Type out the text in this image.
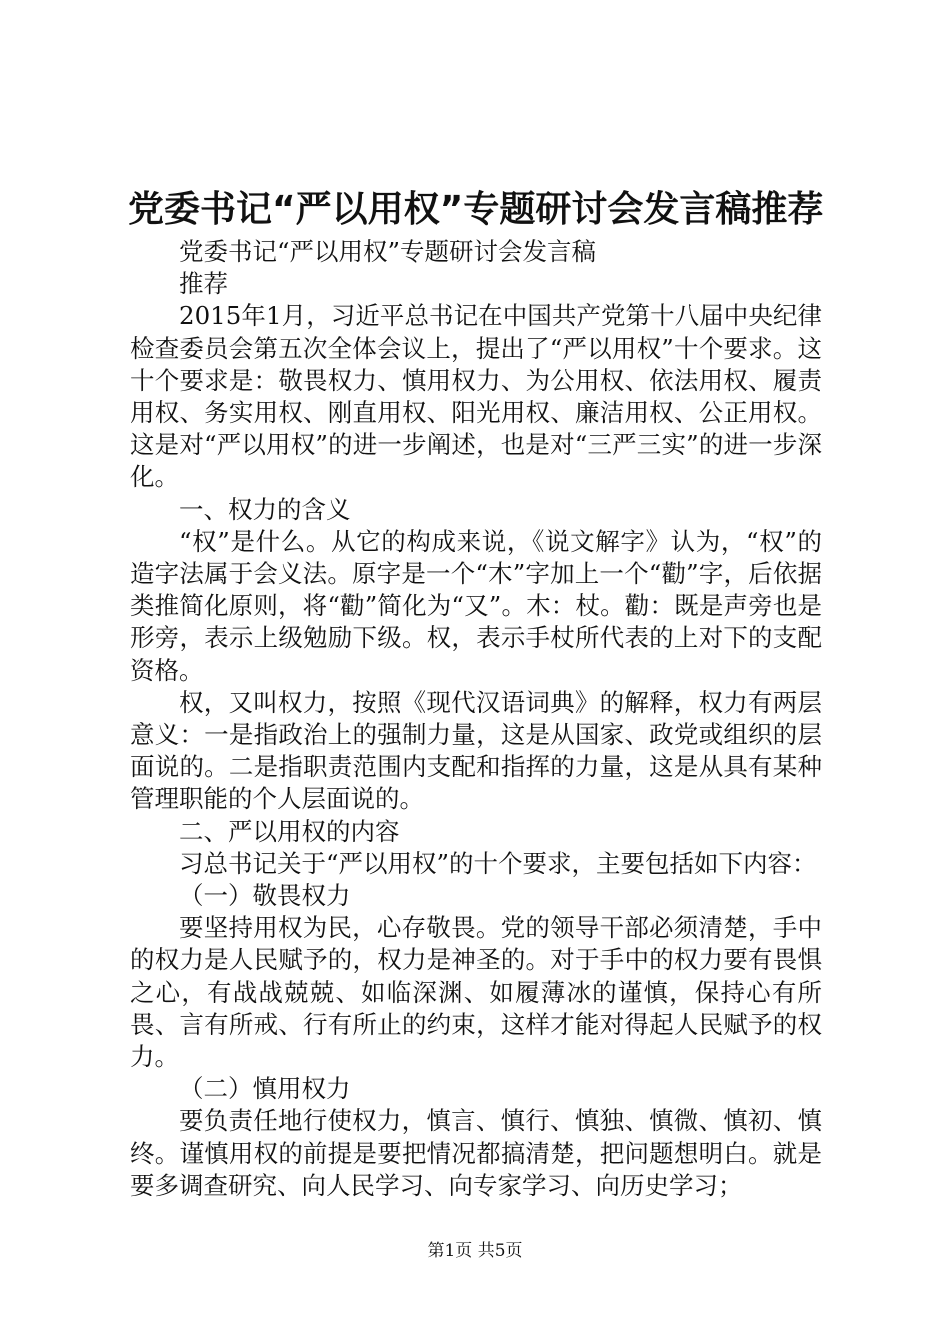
党委书记“严以用权”专题研讨会发言稿推荐

党委书记“严以用权”专题研讨会发言稿

推荐

2015年1月，习近平总书记在中国共产党第十八届中央纪律检查委员会第五次全体会议上，提出了“严以用权”十个要求。这十个要求是：敬畏权力、慎用权力、为公用权、依法用权、履责用权、务实用权、刚直用权、阳光用权、廉洁用权、公正用权。这是对“严以用权”的进一步阐述，也是对“三严三实”的进一步深化。

一、权力的含义

“权”是什么。从它的构成来说，《说文解字》认为，“权”的造字法属于会义法。原字是一个“木”字加上一个“勸”字，后依据类推简化原则，将“勸”简化为“又”。木：杖。勸：既是声旁也是形旁，表示上级勉励下级。权，表示手杖所代表的上对下的支配资格。

权，又叫权力，按照《现代汉语词典》的解释，权力有两层意义：一是指政治上的强制力量，这是从国家、政党或组织的层面说的。二是指职责范围内支配和指挥的力量，这是从具有某种管理职能的个人层面说的。

二、严以用权的内容

习总书记关于“严以用权”的十个要求，主要包括如下内容：

（一）敬畏权力

要坚持用权为民，心存敬畏。党的领导干部必须清楚，手中的权力是人民赋予的，权力是神圣的。对于手中的权力要有畏惧之心，有战战兢兢、如临深渊、如履薄冰的谨慎，保持心有所畏、言有所戒、行有所止的约束，这样才能对得起人民赋予的权力。

（二）慎用权力

要负责任地行使权力，慎言、慎行、慎独、慎微、慎初、慎终。谨慎用权的前提是要把情况都搞清楚，把问题想明白。就是要多调查研究、向人民学习、向专家学习、向历史学习；

第1页 共5页
